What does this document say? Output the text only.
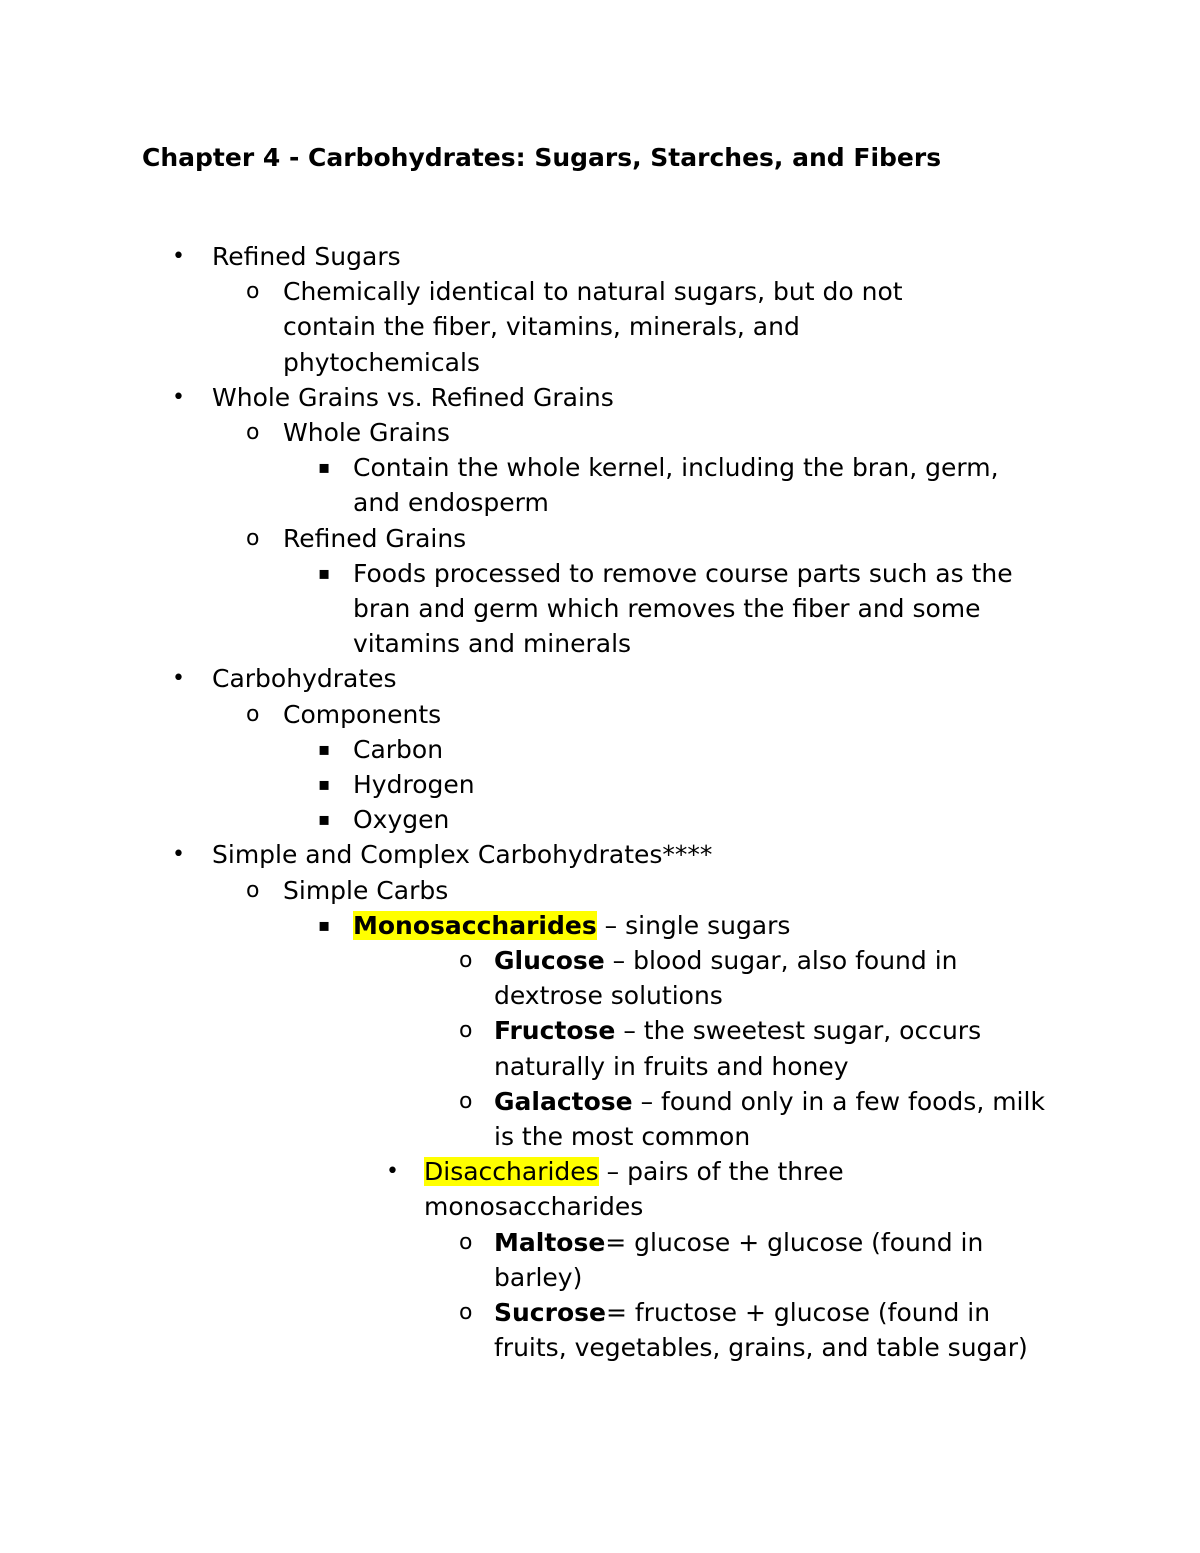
Chapter 4 - Carbohydrates: Sugars, Starches, and Fibers
• Refined Sugars
o Chemically identical to natural sugars, but do not contain the fiber, vitamins, minerals, and phytochemicals
• Whole Grains vs. Refined Grains
o Whole Grains
▪ Contain the whole kernel, including the bran, germ, and endosperm
o Refined Grains
▪ Foods processed to remove course parts such as the bran and germ which removes the fiber and some vitamins and minerals
• Carbohydrates
o Components
▪ Carbon
▪ Hydrogen
▪ Oxygen
• Simple and Complex Carbohydrates****
o Simple Carbs
▪ Monosaccharides – single sugars
o Glucose – blood sugar, also found in dextrose solutions
o Fructose – the sweetest sugar, occurs naturally in fruits and honey
o Galactose – found only in a few foods, milk is the most common
• Disaccharides – pairs of the three monosaccharides
o Maltose= glucose + glucose (found in barley)
o Sucrose= fructose + glucose (found in fruits, vegetables, grains, and table sugar)
